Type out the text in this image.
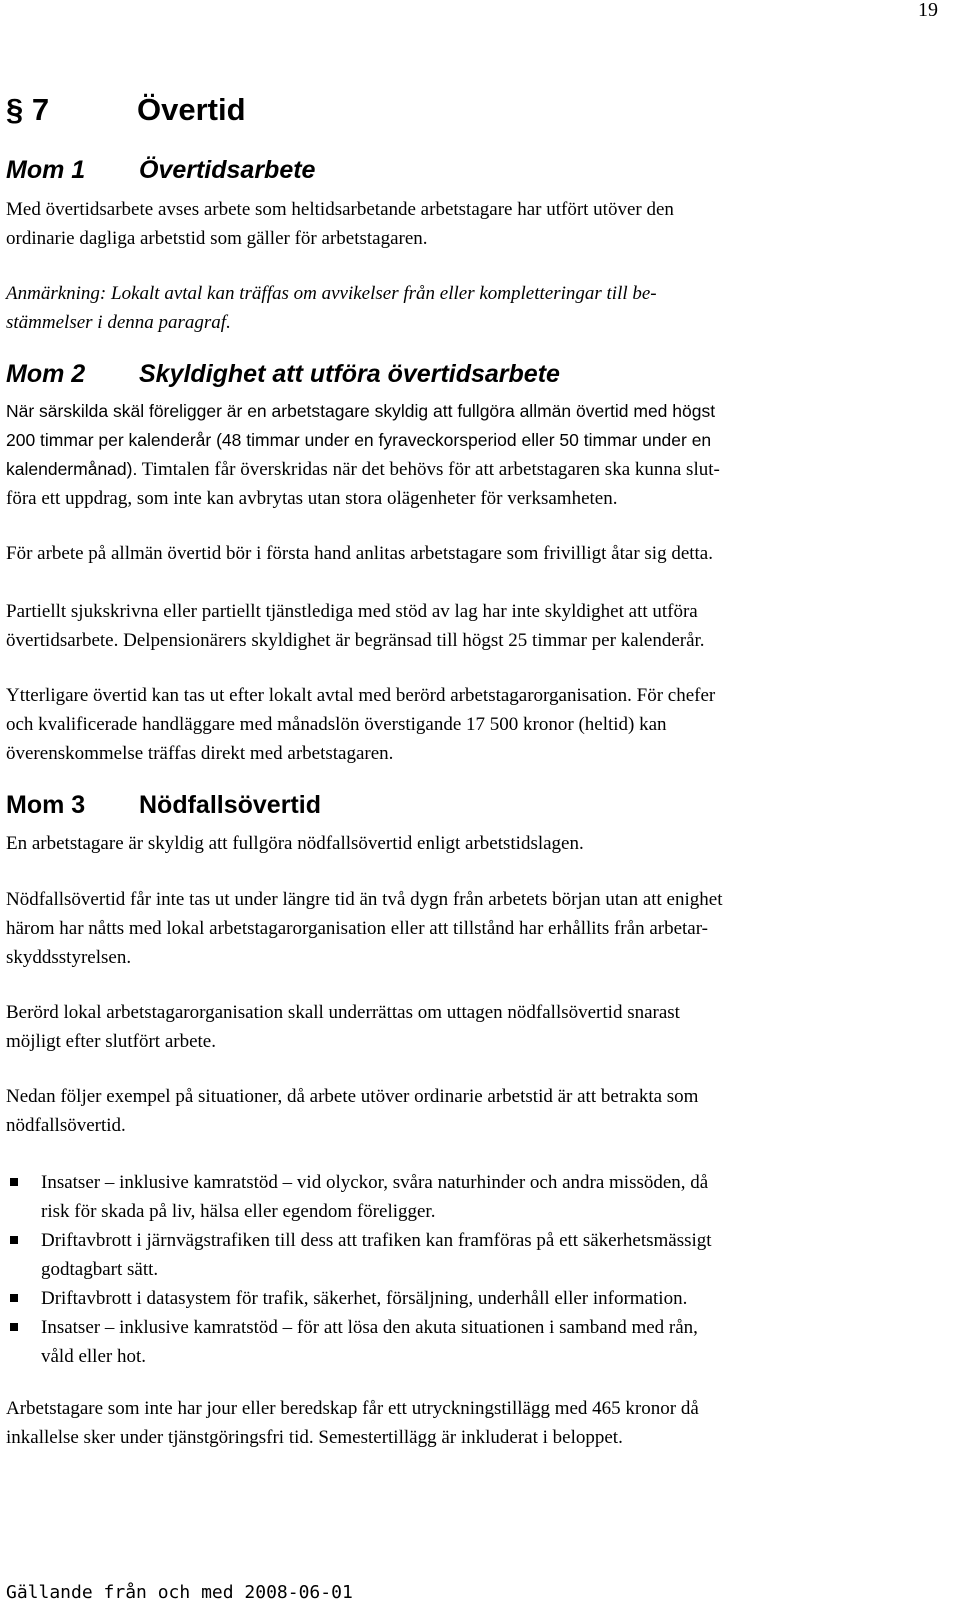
19
§ 7	Övertid
Mom 1 Övertidsarbete
Med övertidsarbete avses arbete som heltidsarbetande arbetstagare har utfört utöver den
ordinarie dagliga arbetstid som gäller för arbetstagaren.
Anmärkning: Lokalt avtal kan träffas om avvikelser från eller kompletteringar till be-
stämmelser i denna paragraf.
Mom 2 Skyldighet att utföra övertidsarbete
När särskilda skäl föreligger är en arbetstagare skyldig att fullgöra allmän övertid med högst
200 timmar per kalenderår (48 timmar under en fyraveckorsperiod eller 50 timmar under en
kalendermånad). Timtalen får överskridas när det behövs för att arbetstagaren ska kunna slut-
föra ett uppdrag, som inte kan avbrytas utan stora olägenheter för verksamheten.
För arbete på allmän övertid bör i första hand anlitas arbetstagare som frivilligt åtar sig detta.
Partiellt sjukskrivna eller partiellt tjänstlediga med stöd av lag har inte skyldighet att utföra
övertidsarbete. Delpensionärers skyldighet är begränsad till högst 25 timmar per kalenderår.
Ytterligare övertid kan tas ut efter lokalt avtal med berörd arbetstagarorganisation. För chefer
och kvalificerade handläggare med månadslön överstigande 17 500 kronor (heltid) kan
överenskommelse träffas direkt med arbetstagaren.
Mom 3 Nödfallsövertid
En arbetstagare är skyldig att fullgöra nödfallsövertid enligt arbetstidslagen.
Nödfallsövertid får inte tas ut under längre tid än två dygn från arbetets början utan att enighet
härom har nåtts med lokal arbetstagarorganisation eller att tillstånd har erhållits från arbetar-
skyddsstyrelsen.
Berörd lokal arbetstagarorganisation skall underrättas om uttagen nödfallsövertid snarast
möjligt efter slutfört arbete.
Nedan följer exempel på situationer, då arbete utöver ordinarie arbetstid är att betrakta som
nödfallsövertid.
Insatser – inklusive kamratstöd – vid olyckor, svåra naturhinder och andra missöden, då
risk för skada på liv, hälsa eller egendom föreligger.
Driftavbrott i järnvägstrafiken till dess att trafiken kan framföras på ett säkerhetsmässigt
godtagbart sätt.
Driftavbrott i datasystem för trafik, säkerhet, försäljning, underhåll eller information.
Insatser – inklusive kamratstöd – för att lösa den akuta situationen i samband med rån,
våld eller hot.
Arbetstagare som inte har jour eller beredskap får ett utryckningstillägg med 465 kronor då
inkallelse sker under tjänstgöringsfri tid. Semestertillägg är inkluderat i beloppet.
Gällande från och med 2008-06-01
